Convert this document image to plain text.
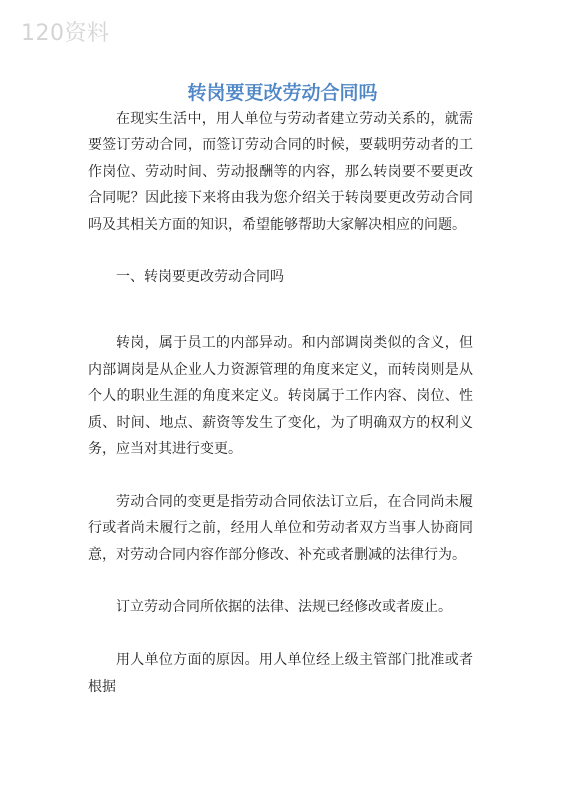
120资料
转岗要更改劳动合同吗

在现实生活中，用人单位与劳动者建立劳动关系的，就需要签订劳动合同，而签订劳动合同的时候，要载明劳动者的工作岗位、劳动时间、劳动报酬等的内容，那么转岗要不要更改合同呢？因此接下来将由我为您介绍关于转岗要更改劳动合同吗及其相关方面的知识，希望能够帮助大家解决相应的问题。

一、转岗要更改劳动合同吗

转岗，属于员工的内部异动。和内部调岗类似的含义，但内部调岗是从企业人力资源管理的角度来定义，而转岗则是从个人的职业生涯的角度来定义。转岗属于工作内容、岗位、性质、时间、地点、薪资等发生了变化，为了明确双方的权利义务，应当对其进行变更。

劳动合同的变更是指劳动合同依法订立后，在合同尚未履行或者尚未履行之前，经用人单位和劳动者双方当事人协商同意，对劳动合同内容作部分修改、补充或者删减的法律行为。

订立劳动合同所依据的法律、法规已经修改或者废止。

用人单位方面的原因。用人单位经上级主管部门批准或者根据
